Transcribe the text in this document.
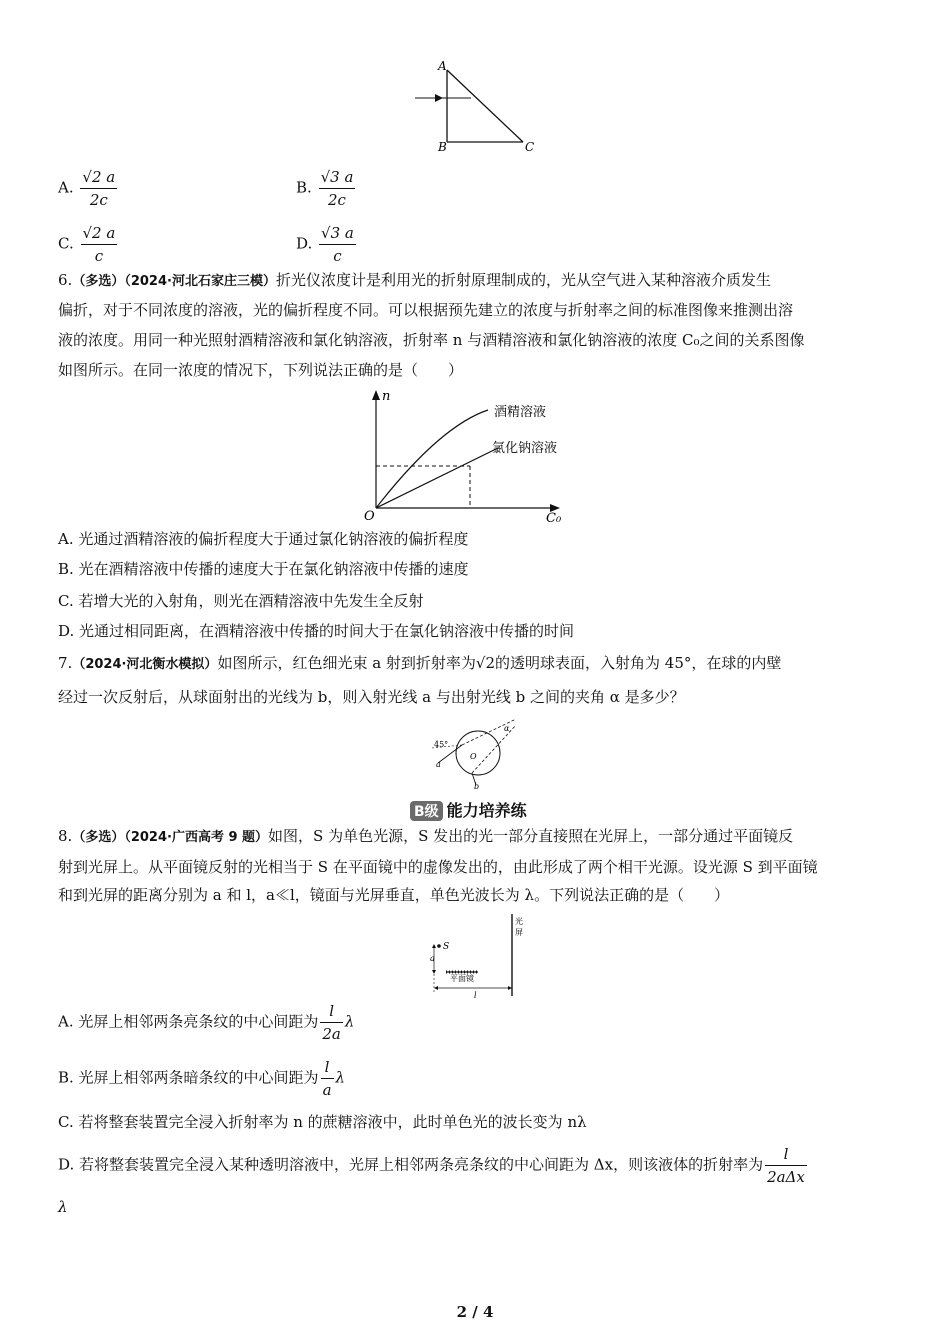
A
B	C
A. $\frac{√2 a}{2c}$	B. $\frac{√3 a}{2c}$
C. $\frac{√2 a}{c}$	D. $\frac{√3 a}{c}$
6.（多选）（2024·河北石家庄三模）折光仪浓度计是利用光的折射原理制成的，光从空气进入某种溶液介质发生
偏折，对于不同浓度的溶液，光的偏折程度不同。可以根据预先建立的浓度与折射率之间的标准图像来推测出溶
液的浓度。用同一种光照射酒精溶液和氯化钠溶液，折射率 n 与酒精溶液和氯化钠溶液的浓度 C₀之间的关系图像
如图所示。在同一浓度的情况下，下列说法正确的是（　　）
n
O	C₀
酒精溶液
氯化钠溶液
A. 光通过酒精溶液的偏折程度大于通过氯化钠溶液的偏折程度
B. 光在酒精溶液中传播的速度大于在氯化钠溶液中传播的速度
C. 若增大光的入射角，则光在酒精溶液中先发生全反射
D. 光通过相同距离，在酒精溶液中传播的时间大于在氯化钠溶液中传播的时间
7.（2024·河北衡水模拟）如图所示，红色细光束 a 射到折射率为√2的透明球表面，入射角为 45°，在球的内壁
经过一次反射后，从球面射出的光线为 b，则入射光线 a 与出射光线 b 之间的夹角 α 是多少？
45°
a
O
b
α
B级 能力培养练
8.（多选）（2024·广西高考 9 题）如图，S 为单色光源，S 发出的光一部分直接照在光屏上，一部分通过平面镜反
射到光屏上。从平面镜反射的光相当于 S 在平面镜中的虚像发出的，由此形成了两个相干光源。设光源 S 到平面镜
和到光屏的距离分别为 a 和 l，a≪l，镜面与光屏垂直，单色光波长为 λ。下列说法正确的是（　　）
S
a
平面镜
l
光
屏
A. 光屏上相邻两条亮条纹的中心间距为 $\frac{l}{2a}$ λ
B. 光屏上相邻两条暗条纹的中心间距为 $\frac{l}{a}$ λ
C. 若将整套装置完全浸入折射率为 n 的蔗糖溶液中，此时单色光的波长变为 nλ
D. 若将整套装置完全浸入某种透明溶液中，光屏上相邻两条亮条纹的中心间距为 Δx，则该液体的折射率为 $\frac{l}{\text{2aΔx}}$
λ
2 / 4
